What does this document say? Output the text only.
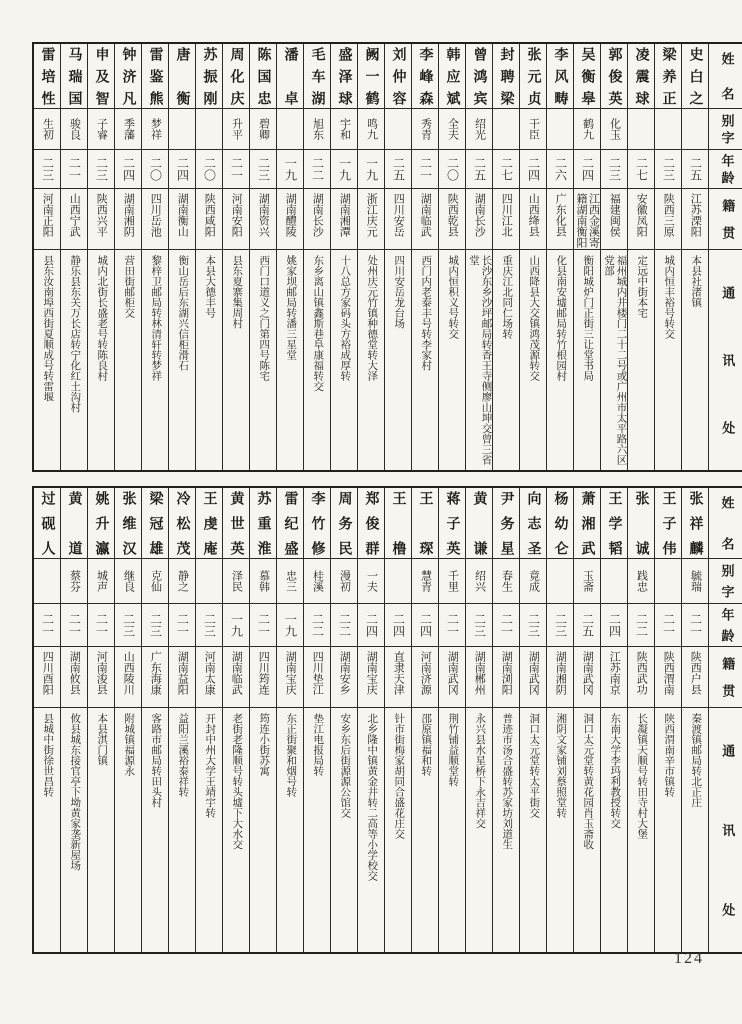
姓名
别字
年龄
籍贯
通讯处
史白之
二五
江苏溧阳
本县社渚镇
梁养正
二三
陕西三原
城内恒丰裕号转交
凌震球
二七
安徽凤阳
定远中街本宅
郭俊英
化玉
二三
福建闽侯
福州城内井楼门二十二号或广州市太平路六区党部
吴衡皋
鹤九
二四
江西金溪寄籍湖南衡阳
衡阳城炉门正街三让堂书局
李风畴
二六
广东化县
化县南安墟邮局转竹根园村
张元贞
干臣
二四
山西绛县
山西降县大交镇鸿茂源转交
封聘梁
二七
四川江北
重庆江北同仁场转
曾鸿宾
绍光
二五
湖南长沙
长沙东乡沙坪邮局转香王寺侧廖山坤交曾三省堂
韩应斌
全夫
二〇
陕西乾县
城内恒积义号转交
李峰森
秀青
二一
湖南临武
西门内老泰丰号转李家村
刘仲容
二五
四川安岳
四川安岳龙台场
阙一鹤
鸣九
一九
浙江庆元
处州庆元竹镇种德堂转大泽
盛泽球
宇和
一九
湖南湘潭
十八总方家码头方裕成厚转
毛车湖
旭东
二二
湖南长沙
东乡离山镇鑫斯巷阜康福转交
潘卓
一九
湖南醴陵
姚家坝邮局转潘三星堂
陈国忠
碧卿
二三
湖南资兴
西门口道义之门第四号陈宅
周化庆
升平
二一
河南安阳
县东夏寨集周村
苏振刚
二〇
陕西咸阳
本县大德丰号
唐衡
二四
湖南衡山
衡山岳后东湖兴信柜滑石
雷鉴熊
梦祥
二〇
四川岳池
黎梓卫邮局转林清轩转梦祥
钟济凡
季藩
二四
湖南湘阴
营田街邮柜交
申及智
子睿
二三
陕西兴平
城内北街长盛老号转陈良村
马瑞国
骏良
二一
山西宁武
静乐县东关万长店转宁化红土沟村
雷培性
生初
二三
河南正阳
县东汝南埠西街夏顺成号转雷堰
姓名
别字
年龄
籍贯
通讯处
张祥麟
毓瑞
二一
陕西户县
秦渡镇邮局转北正庄
王子伟
二一
陕西渭南
陕西渭南辛市镇转
张诚
践忠
二二
陕西武功
长凝镇天顺号转田寺村大堡
王学韬
二四
江苏南京
东南大学李玛利教授转交
萧湘武
玉斋
二五
湖南武冈
洞口太元堂转黄花园肖玉斋收
杨幼仑
二三
湖南湘阴
湘阴文家铺刘蔡照堂转
向志圣
竟成
二三
湖南武冈
洞口太元堂转太平街交
尹务星
春生
二一
湖南浏阳
普迹市汤合盛转苏家坊刘道生
黄谦
绍兴
二三
湖南郴州
永兴县水星桥下永吉祥交
蒋子英
千里
二一
湖南武冈
荆竹铺益顺堂转
王琛
慧青
二四
河南济源
邵原镇福和转
王橹
二四
直隶天津
针市街梅家胡同合盛花庄交
郑俊群
一夫
二四
湖南宝庆
北乡隆中镇黄金井转二高等小学校交
周务民
漫初
二二
湖南安乡
安乡东后街源源公馆交
李竹修
桂溪
二二
四川垫江
垫江电报局转
雷纪盛
忠三
一九
湖南宝庆
东正街聚和烟号转
苏重淮
慕韩
二一
四川筠连
筠连小街苏寓
黄世英
泽民
一九
湖南临武
老街老隆顺号转头墟下大水交
王虔庵
二三
河南太康
开封中州大学王靖宇转
冷松茂
静之
二一
湖南益阳
益阳兰溪裕泰祥转
梁冠雄
克仙
二三
广东海康
客路市邮局转田头村
张维汉
继良
二三
山西陵川
附城镇福源永
姚升瀛
城声
二一
河南浚县
本县淇门镇
黄道
蔡芬
二一
湖南攸县
攸县城东接官亭下坳黄家垄新屋场
过砚人
二一
四川酉阳
县城中街徐世昌转
124
